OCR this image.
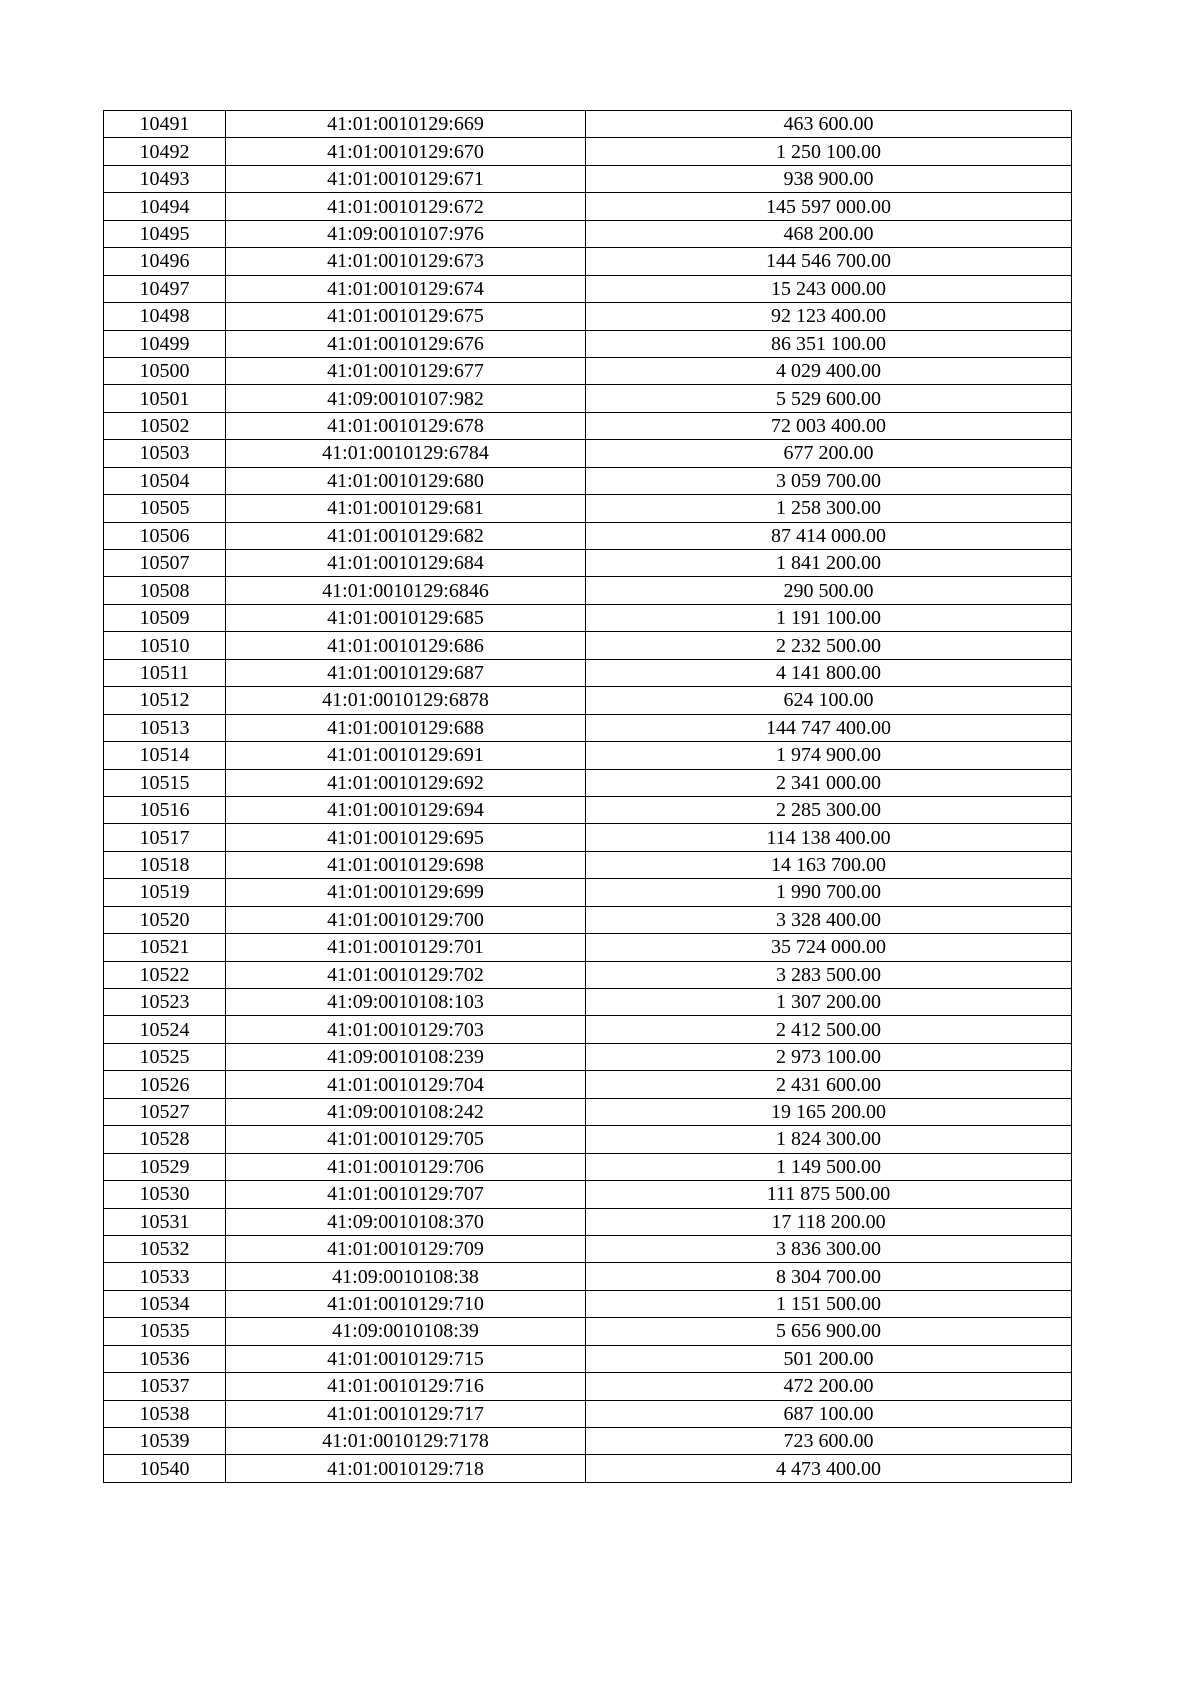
10491	41:01:0010129:669	463 600.00
10492	41:01:0010129:670	1 250 100.00
10493	41:01:0010129:671	938 900.00
10494	41:01:0010129:672	145 597 000.00
10495	41:09:0010107:976	468 200.00
10496	41:01:0010129:673	144 546 700.00
10497	41:01:0010129:674	15 243 000.00
10498	41:01:0010129:675	92 123 400.00
10499	41:01:0010129:676	86 351 100.00
10500	41:01:0010129:677	4 029 400.00
10501	41:09:0010107:982	5 529 600.00
10502	41:01:0010129:678	72 003 400.00
10503	41:01:0010129:6784	677 200.00
10504	41:01:0010129:680	3 059 700.00
10505	41:01:0010129:681	1 258 300.00
10506	41:01:0010129:682	87 414 000.00
10507	41:01:0010129:684	1 841 200.00
10508	41:01:0010129:6846	290 500.00
10509	41:01:0010129:685	1 191 100.00
10510	41:01:0010129:686	2 232 500.00
10511	41:01:0010129:687	4 141 800.00
10512	41:01:0010129:6878	624 100.00
10513	41:01:0010129:688	144 747 400.00
10514	41:01:0010129:691	1 974 900.00
10515	41:01:0010129:692	2 341 000.00
10516	41:01:0010129:694	2 285 300.00
10517	41:01:0010129:695	114 138 400.00
10518	41:01:0010129:698	14 163 700.00
10519	41:01:0010129:699	1 990 700.00
10520	41:01:0010129:700	3 328 400.00
10521	41:01:0010129:701	35 724 000.00
10522	41:01:0010129:702	3 283 500.00
10523	41:09:0010108:103	1 307 200.00
10524	41:01:0010129:703	2 412 500.00
10525	41:09:0010108:239	2 973 100.00
10526	41:01:0010129:704	2 431 600.00
10527	41:09:0010108:242	19 165 200.00
10528	41:01:0010129:705	1 824 300.00
10529	41:01:0010129:706	1 149 500.00
10530	41:01:0010129:707	111 875 500.00
10531	41:09:0010108:370	17 118 200.00
10532	41:01:0010129:709	3 836 300.00
10533	41:09:0010108:38	8 304 700.00
10534	41:01:0010129:710	1 151 500.00
10535	41:09:0010108:39	5 656 900.00
10536	41:01:0010129:715	501 200.00
10537	41:01:0010129:716	472 200.00
10538	41:01:0010129:717	687 100.00
10539	41:01:0010129:7178	723 600.00
10540	41:01:0010129:718	4 473 400.00
